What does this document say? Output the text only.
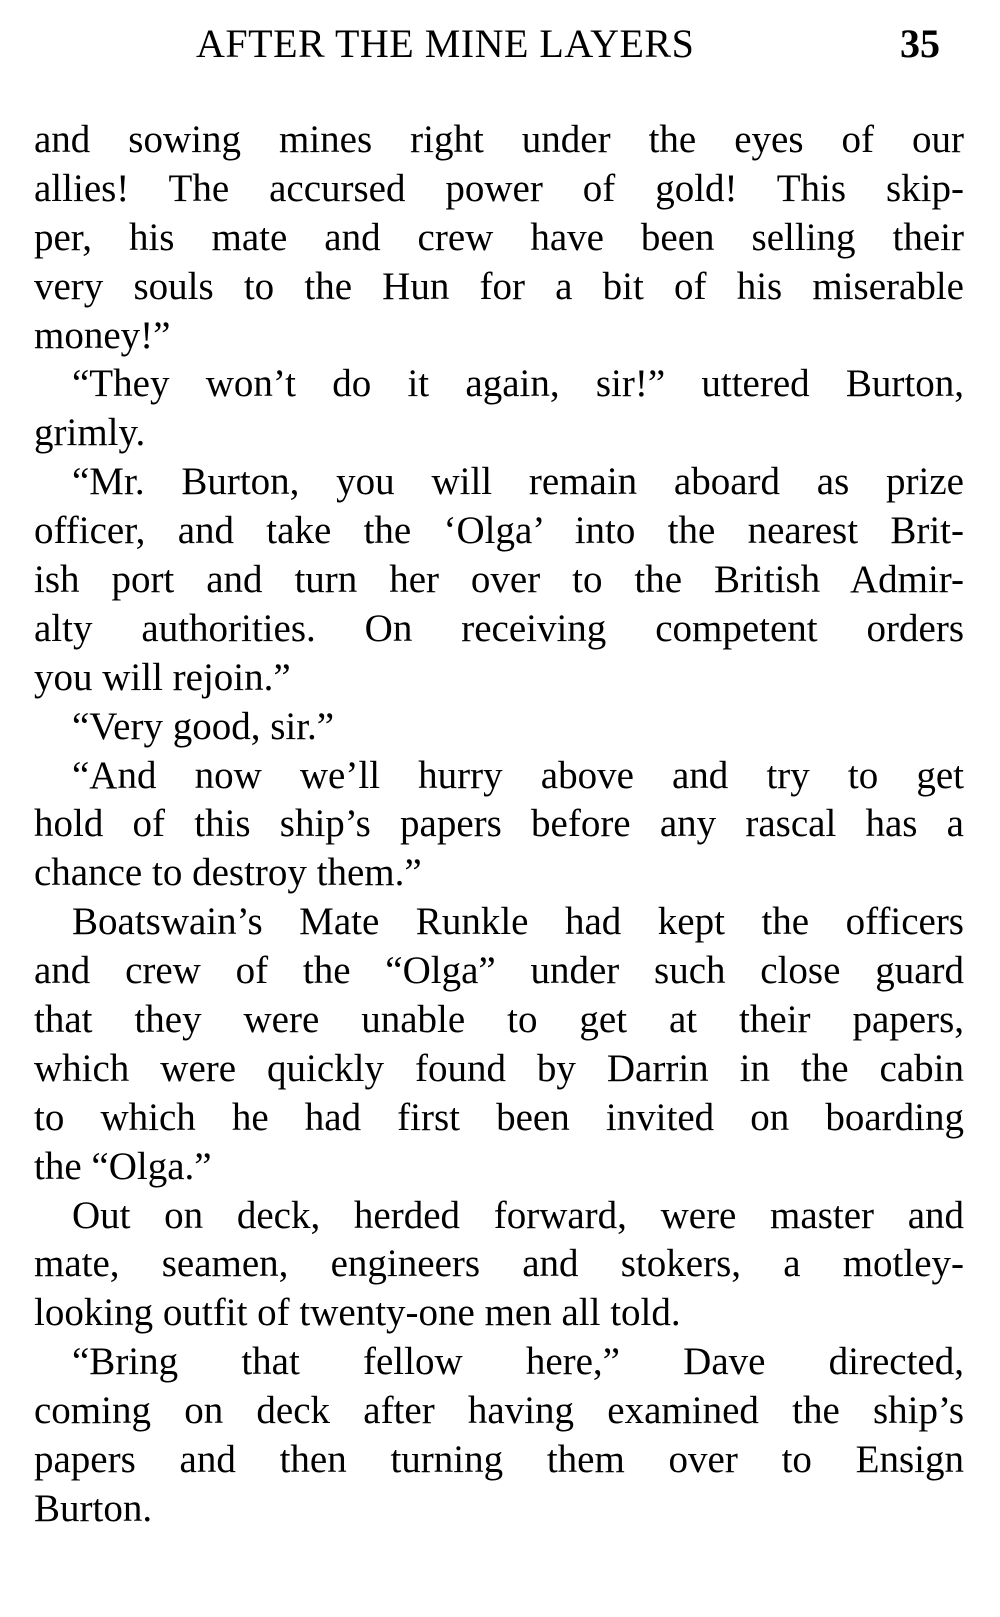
AFTER THE MINE LAYERS	35
and sowing mines right under the eyes of our
allies! The accursed power of gold! This skip-
per, his mate and crew have been selling their
very souls to the Hun for a bit of his miserable
money!”
“They won’t do it again, sir!” uttered Burton,
grimly.
“Mr. Burton, you will remain aboard as prize
officer, and take the ‘Olga’ into the nearest Brit-
ish port and turn her over to the British Admir-
alty authorities. On receiving competent orders
you will rejoin.”
“Very good, sir.”
“And now we’ll hurry above and try to get
hold of this ship’s papers before any rascal has a
chance to destroy them.”
Boatswain’s Mate Runkle had kept the officers
and crew of the “Olga” under such close guard
that they were unable to get at their papers,
which were quickly found by Darrin in the cabin
to which he had first been invited on boarding
the “Olga.”
Out on deck, herded forward, were master and
mate, seamen, engineers and stokers, a motley-
looking outfit of twenty-one men all told.
“Bring that fellow here,” Dave directed,
coming on deck after having examined the ship’s
papers and then turning them over to Ensign
Burton.
